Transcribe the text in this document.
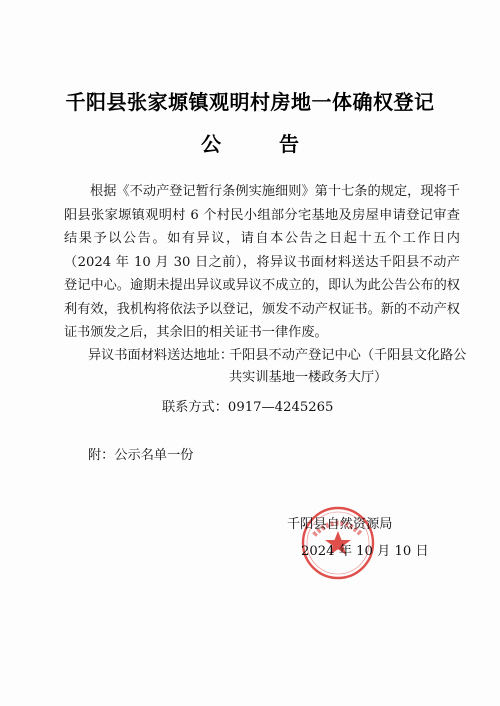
千阳县张家塬镇观明村房地一体确权登记
公告

根据《不动产登记暂行条例实施细则》第十七条的规定，现将千阳县张家塬镇观明村 6 个村民小组部分宅基地及房屋申请登记审查结果予以公告。如有异议，请自本公告之日起十五个工作日内（2024 年 10 月 30 日之前），将异议书面材料送达千阳县不动产登记中心。逾期未提出异议或异议不成立的，即认为此公告公布的权利有效，我机构将依法予以登记，颁发不动产权证书。新的不动产权证书颁发之后，其余旧的相关证书一律作废。

异议书面材料送达地址：
千阳县不动产登记中心（千阳县文化路公共实训基地一楼政务大厅）
联系方式：0917—4245265
附：公示名单一份
千阳县自然资源局
2024 年 10 月 10 日
